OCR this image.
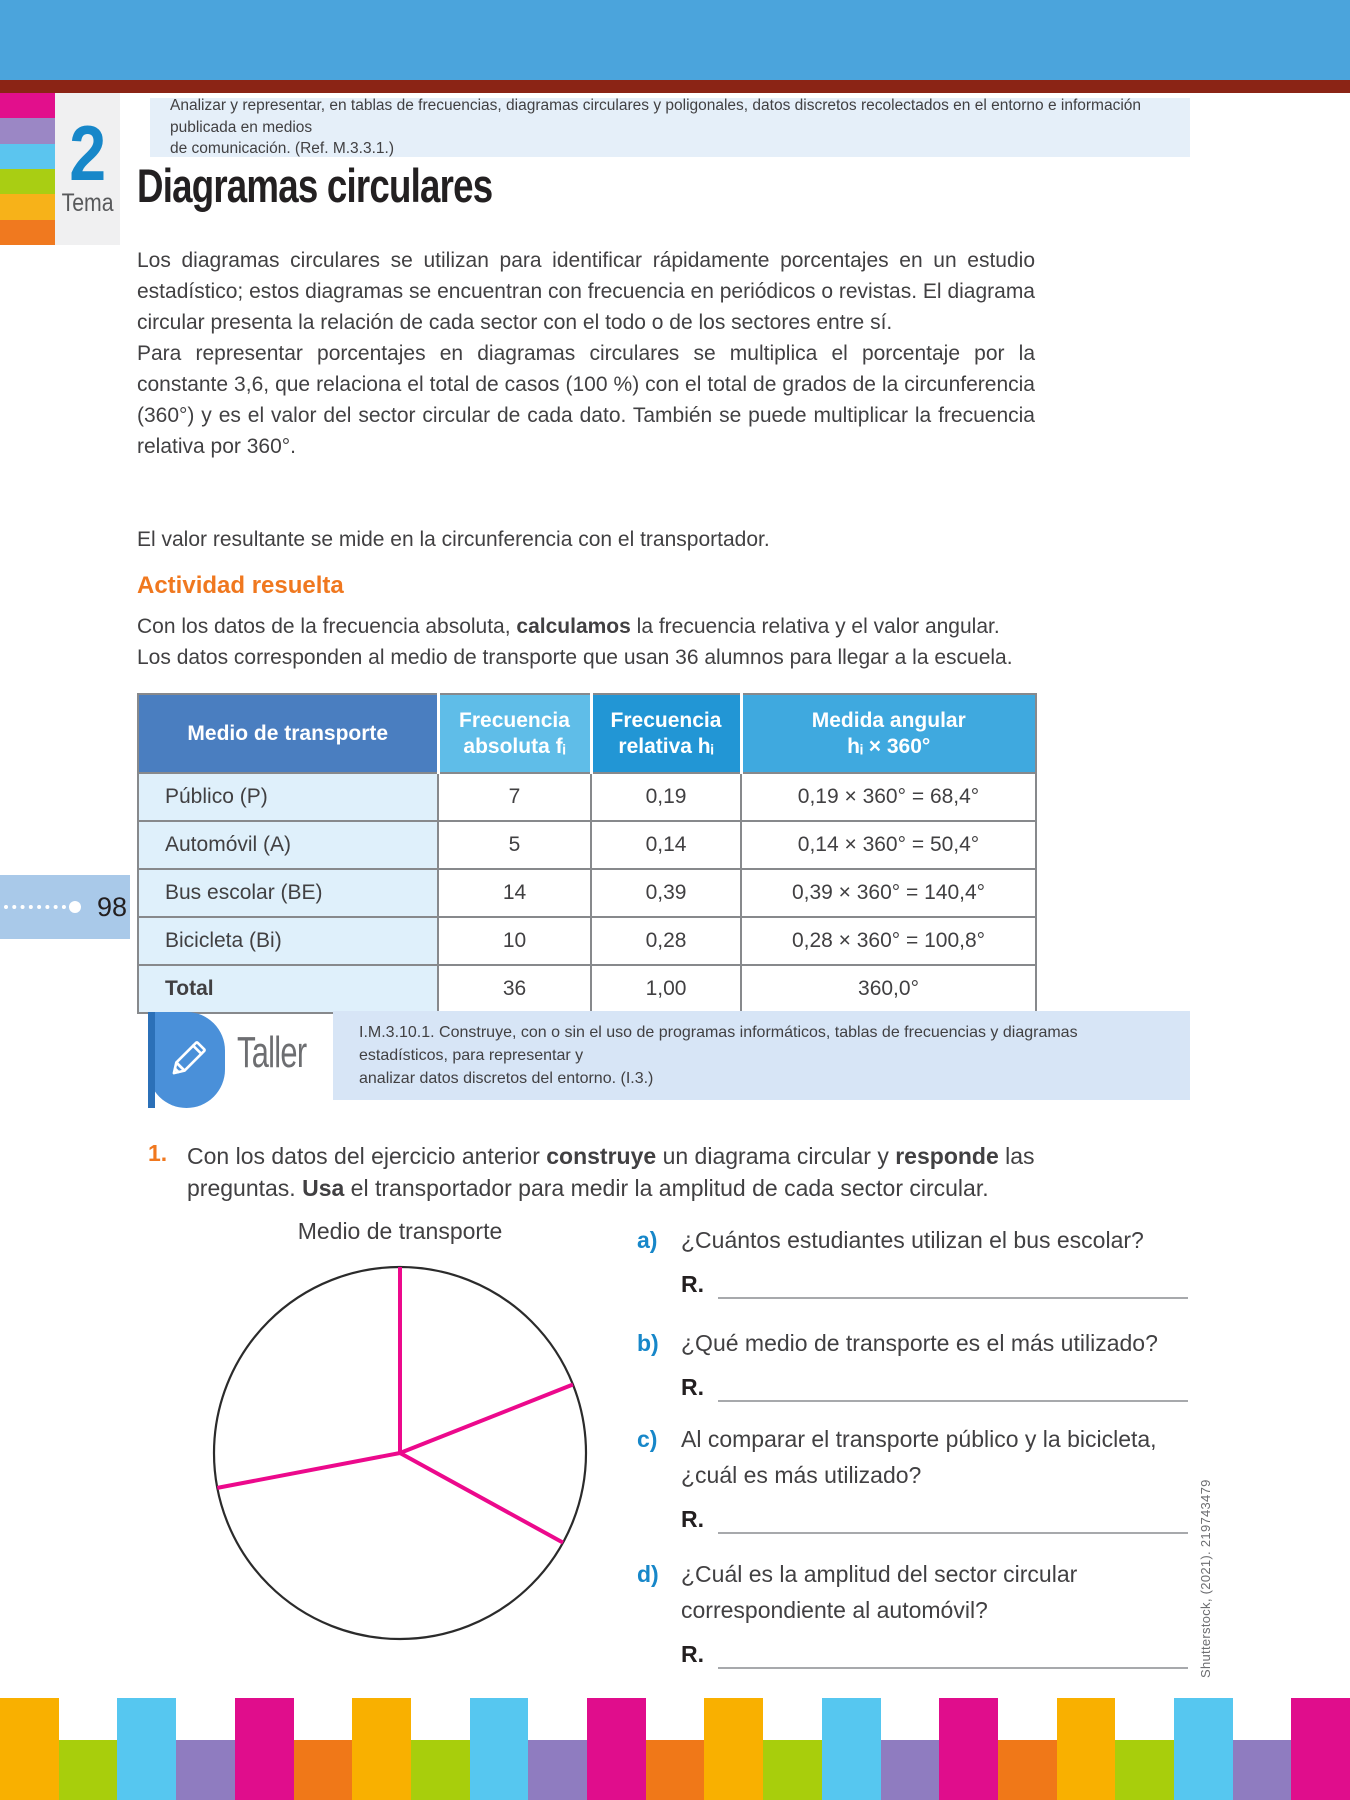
2
Tema
Analizar y representar, en tablas de frecuencias, diagramas circulares y poligonales, datos discretos recolectados en el entorno e información publicada en medios
de comunicación. (Ref. M.3.3.1.)
Diagramas circulares
Los diagramas circulares se utilizan para identificar rápidamente porcentajes en un estudio estadístico; estos diagramas se encuentran con frecuencia en periódicos o revistas. El diagrama circular presenta la relación de cada sector con el todo o de los sectores entre sí.
Para representar porcentajes en diagramas circulares se multiplica el porcentaje por la constante 3,6, que relaciona el total de casos (100 %) con el total de grados de la circunferencia (360°) y es el valor del sector circular de cada dato. También se puede multiplicar la frecuencia relativa por 360°.
El valor resultante se mide en la circunferencia con el transportador.
Actividad resuelta
Con los datos de la frecuencia absoluta, calculamos la frecuencia relativa y el valor angular.
Los datos corresponden al medio de transporte que usan 36 alumnos para llegar a la escuela.
Medio de transporte

Frecuencia
absoluta fᵢ

Frecuencia
relativa hᵢ

Medida angular
hᵢ × 360°

Público (P)	7	0,19	0,19 × 360° = 68,4°
Automóvil (A)	5	0,14	0,14 × 360° = 50,4°
Bus escolar (BE)	14	0,39	0,39 × 360° = 140,4°
Bicicleta (Bi)	10	0,28	0,28 × 360° = 100,8°
Total	36	1,00	360,0°
98
Taller	I.M.3.10.1. Construye, con o sin el uso de programas informáticos, tablas de frecuencias y diagramas estadísticos, para representar y
analizar datos discretos del entorno. (I.3.)
1. Con los datos del ejercicio anterior construye un diagrama circular y responde las
preguntas. Usa el transportador para medir la amplitud de cada sector circular.
Medio de transporte	a)	¿Cuántos estudiantes utilizan el bus escolar?
R.
b) ¿Qué medio de transporte es el más utilizado?
R.
c)	Al comparar el transporte público y la bicicleta,
¿cuál es más utilizado?
R.
d) ¿Cuál es la amplitud del sector circular
correspondiente al automóvil?
R.	Shutterstock, (2021). 219743479
